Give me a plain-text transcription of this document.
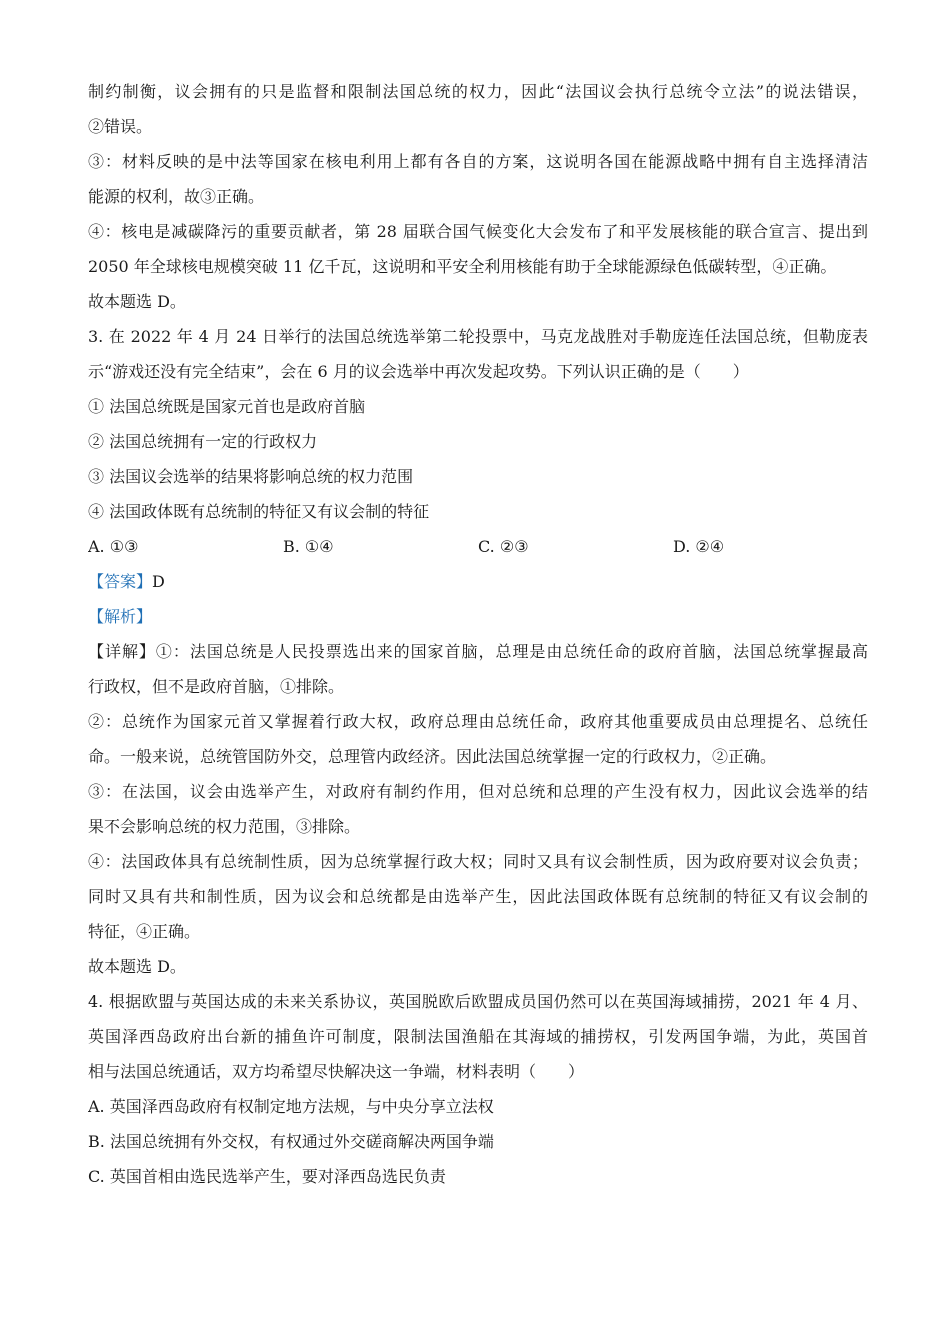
制约制衡，议会拥有的只是监督和限制法国总统的权力，因此“法国议会执行总统令立法”的说法错误，
②错误。
③：材料反映的是中法等国家在核电利用上都有各自的方案，这说明各国在能源战略中拥有自主选择清洁
能源的权利，故③正确。
④：核电是减碳降污的重要贡献者，第 28 届联合国气候变化大会发布了和平发展核能的联合宣言、提出到
2050 年全球核电规模突破 11 亿千瓦，这说明和平安全利用核能有助于全球能源绿色低碳转型，④正确。
故本题选 D。
3. 在 2022 年 4 月 24 日举行的法国总统选举第二轮投票中，马克龙战胜对手勒庞连任法国总统，但勒庞表
示“游戏还没有完全结束”，会在 6 月的议会选举中再次发起攻势。下列认识正确的是（　　）
① 法国总统既是国家元首也是政府首脑
② 法国总统拥有一定的行政权力
③ 法国议会选举的结果将影响总统的权力范围
④ 法国政体既有总统制的特征又有议会制的特征
A. ①③	B. ①④	C. ②③	D. ②④
【答案】D
【解析】
【详解】①：法国总统是人民投票选出来的国家首脑，总理是由总统任命的政府首脑，法国总统掌握最高
行政权，但不是政府首脑，①排除。
②：总统作为国家元首又掌握着行政大权，政府总理由总统任命，政府其他重要成员由总理提名、总统任
命。一般来说，总统管国防外交，总理管内政经济。因此法国总统掌握一定的行政权力，②正确。
③：在法国，议会由选举产生，对政府有制约作用，但对总统和总理的产生没有权力，因此议会选举的结
果不会影响总统的权力范围，③排除。
④：法国政体具有总统制性质，因为总统掌握行政大权；同时又具有议会制性质，因为政府要对议会负责；
同时又具有共和制性质，因为议会和总统都是由选举产生，因此法国政体既有总统制的特征又有议会制的
特征，④正确。
故本题选 D。
4. 根据欧盟与英国达成的未来关系协议，英国脱欧后欧盟成员国仍然可以在英国海域捕捞，2021 年 4 月、
英国泽西岛政府出台新的捕鱼许可制度，限制法国渔船在其海域的捕捞权，引发两国争端，为此，英国首
相与法国总统通话，双方均希望尽快解决这一争端，材料表明（　　）
A. 英国泽西岛政府有权制定地方法规，与中央分享立法权
B. 法国总统拥有外交权，有权通过外交磋商解决两国争端
C. 英国首相由选民选举产生，要对泽西岛选民负责
